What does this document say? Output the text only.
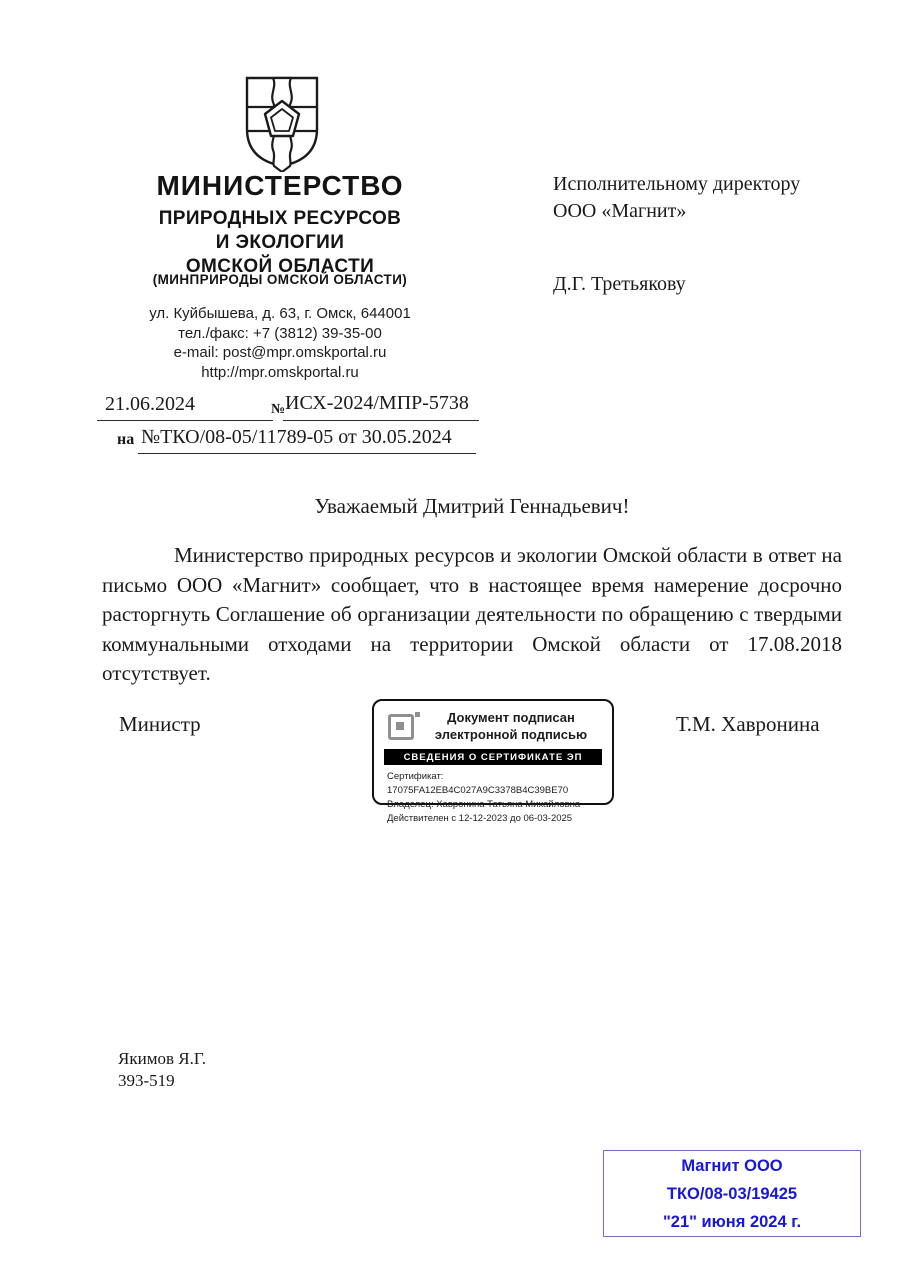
МИНИСТЕРСТВО
ПРИРОДНЫХ РЕСУРСОВ
И ЭКОЛОГИИ
ОМСКОЙ ОБЛАСТИ
(МИНПРИРОДЫ ОМСКОЙ ОБЛАСТИ)
ул. Куйбышева, д. 63, г. Омск, 644001
тел./факс: +7 (3812) 39-35-00
e-mail: post@mpr.omskportal.ru
http://mpr.omskportal.ru
Исполнительному директору
ООО «Магнит»
Д.Г. Третьякову
21.06.2024	№ ИСХ-2024/МПР-5738
на №ТКО/08-05/11789-05 от 30.05.2024
Уважаемый Дмитрий Геннадьевич!
Министерство природных ресурсов и экологии Омской области в ответ на письмо ООО «Магнит» сообщает, что в настоящее время намерение досрочно расторгнуть Соглашение об организации деятельности по обращению с твердыми коммунальными отходами на территории Омской области от 17.08.2018 отсутствует.
Министр	Т.М. Хавронина
Документ подписан
электронной подписью
СВЕДЕНИЯ О СЕРТИФИКАТЕ ЭП
Сертификат: 17075FA12EB4C027A9C3378B4C39BE70
Владелец: Хавронина Татьяна Михайловна
Действителен с 12-12-2023 до 06-03-2025
Якимов Я.Г.
393-519
Магнит ООО
ТКО/08-03/19425
"21" июня 2024 г.
